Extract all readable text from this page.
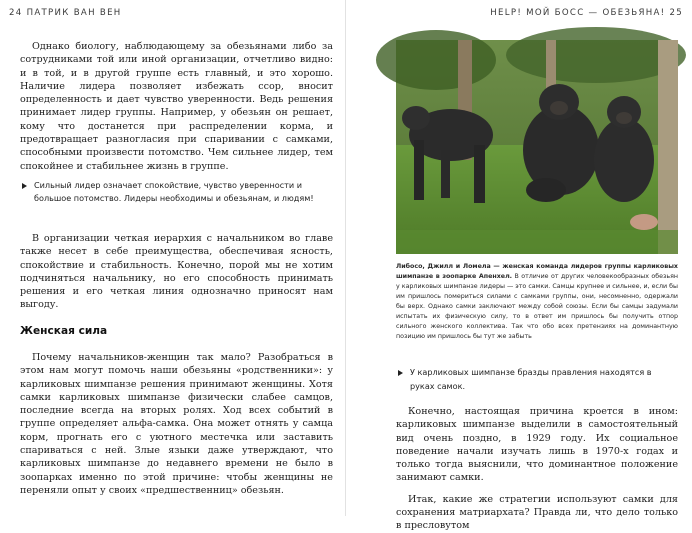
24 ПАТРИК ВАН ВЕН

Однако биологу, наблюдающему за обезьянами либо за сотрудниками той или иной организации, отчетливо видно: и в той, и в другой группе есть главный, и это хорошо. Наличие лидера позволяет избежать ссор, вносит определенность и дает чувство уверенности. Ведь решения принимает лидер группы. Например, у обезьян он решает, кому что достанется при распределении корма, и предотвращает разногласия при спаривании с самками, способными произвести потомство. Чем сильнее лидер, тем спокойнее и стабильнее жизнь в группе.

Сильный лидер означает спокойствие, чувство уверенности и большое потомство. Лидеры необходимы и обезьянам, и людям!

В организации четкая иерархия с начальником во главе также несет в себе преимущества, обеспечивая ясность, спокойствие и стабильность. Конечно, порой мы не хотим подчиняться начальнику, но его способность принимать решения и его четкая линия однозначно приносят нам выгоду.

Женская сила

Почему начальников-женщин так мало? Разобраться в этом нам могут помочь наши обезьяны «родственники»: у карликовых шимпанзе решения принимают женщины. Хотя самки карликовых шимпанзе физически слабее самцов, последние всегда на вторых ролях. Ход всех событий в группе определяет альфа-самка. Она может отнять у самца корм, прогнать его с уютного местечка или заставить спариваться с ней. Злые языки даже утверждают, что карликовых шимпанзе до недавнего времени не было в зоопарках именно по этой причине: чтобы женщины не переняли опыт у своих «предшественниц» обезьян.

HELP! МОЙ БОСС — ОБЕЗЬЯНА! 25
Либосо, Джилл и Ломела — женская команда лидеров группы карликовых шимпанзе в зоопарке Апенхел. В отличие от других человекообразных обезьян у карликовых шимпанзе лидеры — это самки. Самцы крупнее и сильнее, и, если бы им пришлось помериться силами с самками группы, они, несомненно, одержали бы верх. Однако самки заключают между собой союзы. Если бы самцы задумали испытать их физическую силу, то в ответ им пришлось бы получить отпор сильного женского коллектива. Так что обо всех претензиях на доминантную позицию им пришлось бы тут же забыть
У карликовых шимпанзе бразды правления находятся в руках самок.

Конечно, настоящая причина кроется в ином: карликовых шимпанзе выделили в самостоятельный вид очень поздно, в 1929 году. Их социальное поведение начали изучать лишь в 1970-х годах и только тогда выяснили, что доминантное положение занимают самки.

Итак, какие же стратегии используют самки для сохранения матриархата? Правда ли, что дело только в пресловутом
